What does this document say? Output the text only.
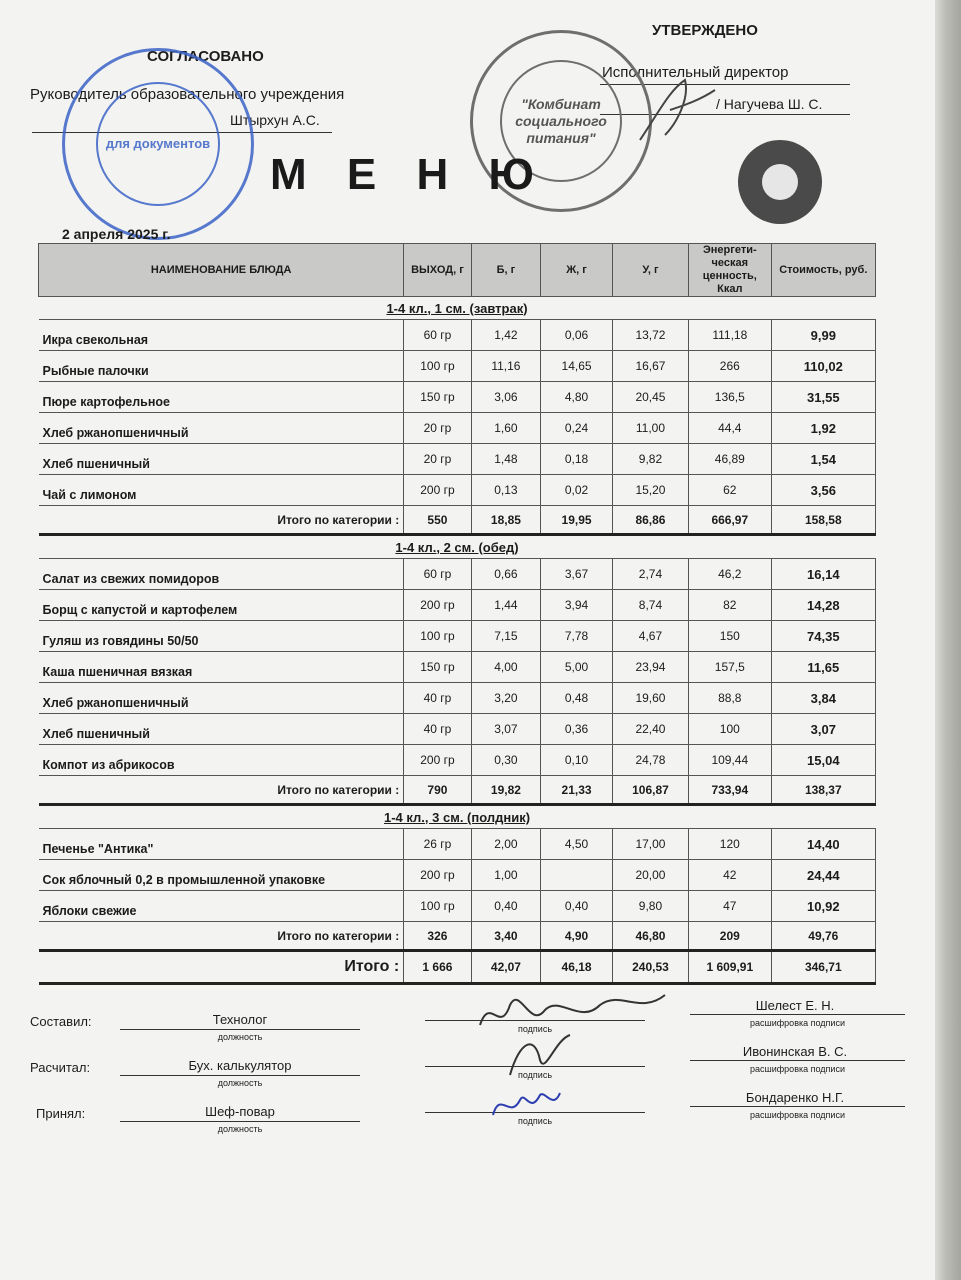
СОГЛАСОВАНО
Руководитель образовательного учреждения
Штырхун А.С.
УТВЕРЖДЕНО
Исполнительный директор
/ Нагучева Ш. С.
для документов
"Комбинат социального питания"
М Е Н Ю
2 апреля 2025 г.
НАИМЕНОВАНИЕ БЛЮДА	ВЫХОД, г	Б, г	Ж, г	У, г	Энергети-ческая ценность, Ккал	Стоимость, руб.
1-4 кл., 1 см. (завтрак)						
Икра свекольная	60 гр	1,42	0,06	13,72	111,18	9,99
Рыбные палочки	100 гр	11,16	14,65	16,67	266	110,02
Пюре картофельное	150 гр	3,06	4,80	20,45	136,5	31,55
Хлеб ржанопшеничный	20 гр	1,60	0,24	11,00	44,4	1,92
Хлеб пшеничный	20 гр	1,48	0,18	9,82	46,89	1,54
Чай с лимоном	200 гр	0,13	0,02	15,20	62	3,56
Итого по категории :	550	18,85	19,95	86,86	666,97	158,58
1-4 кл., 2 см. (обед)						
Салат из свежих помидоров	60 гр	0,66	3,67	2,74	46,2	16,14
Борщ с капустой и картофелем	200 гр	1,44	3,94	8,74	82	14,28
Гуляш из говядины 50/50	100 гр	7,15	7,78	4,67	150	74,35
Каша пшеничная вязкая	150 гр	4,00	5,00	23,94	157,5	11,65
Хлеб ржанопшеничный	40 гр	3,20	0,48	19,60	88,8	3,84
Хлеб пшеничный	40 гр	3,07	0,36	22,40	100	3,07
Компот из абрикосов	200 гр	0,30	0,10	24,78	109,44	15,04
Итого по категории :	790	19,82	21,33	106,87	733,94	138,37
1-4 кл., 3 см. (полдник)						
Печенье "Антика"	26 гр	2,00	4,50	17,00	120	14,40
Сок яблочный 0,2 в промышленной упаковке	200 гр	1,00		20,00	42	24,44
Яблоки свежие	100 гр	0,40	0,40	9,80	47	10,92
Итого по категории :	326	3,40	4,90	46,80	209	49,76
Итого :	1 666	42,07	46,18	240,53	1 609,91	346,71
Составил:	Технолог
должность
подпись
Шелест Е. Н.
расшифровка подписи
Расчитал:	Бух. калькулятор
должность
подпись
Ивонинская В. С.
расшифровка подписи
Принял:	Шеф-повар
должность
подпись
Бондаренко Н.Г.
расшифровка подписи
